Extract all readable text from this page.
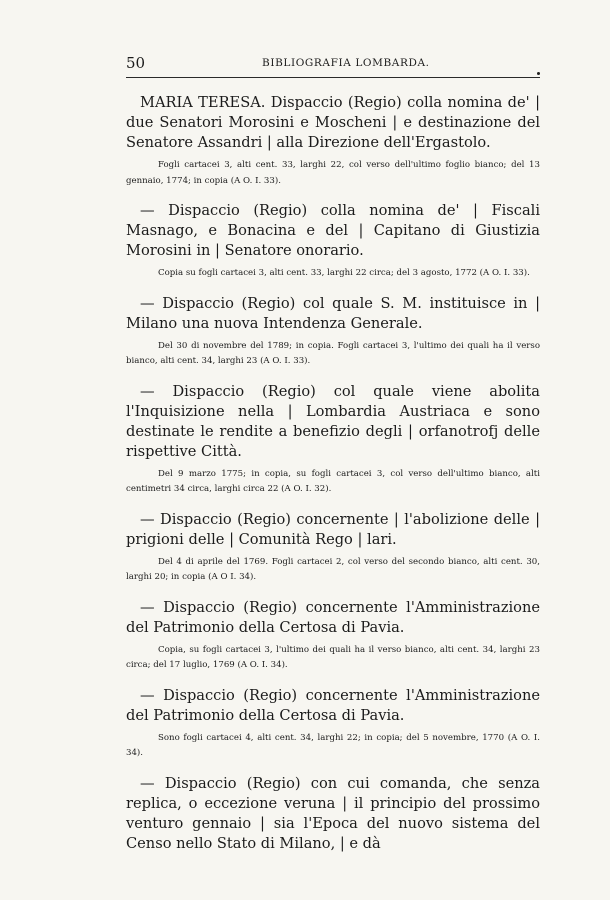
50	BIBLIOGRAFIA LOMBARDA.

MARIA TERESA. Dispaccio (Regio) colla nomina de' | due Senatori Morosini e Moscheni | e destinazione del Senatore Assandri | alla Direzione dell'Ergastolo.

Fogli cartacei 3, alti cent. 33, larghi 22, col verso dell'ultimo foglio bianco; del 13 gennaio, 1774; in copia (A O. I. 33).

— Dispaccio (Regio) colla nomina de' | Fiscali Masnago, e Bonacina e del | Capitano di Giustizia Morosini in | Senatore onorario.

Copia su fogli cartacei 3, alti cent. 33, larghi 22 circa; del 3 agosto, 1772 (A O. I. 33).

— Dispaccio (Regio) col quale S. M. instituisce in | Milano una nuova Intendenza Generale.

Del 30 di novembre del 1789; in copia. Fogli cartacei 3, l'ultimo dei quali ha il verso bianco, alti cent. 34, larghi 23 (A O. I. 33).

— Dispaccio (Regio) col quale viene abolita l'Inquisizione nella | Lombardia Austriaca e sono destinate le rendite a benefizio degli | orfanotrofj delle rispettive Città.

Del 9 marzo 1775; in copia, su fogli cartacei 3, col verso dell'ultimo bianco, alti centimetri 34 circa, larghi circa 22 (A O. I. 32).

— Dispaccio (Regio) concernente | l'abolizione delle | prigioni delle | Comunità Rego | lari.

Del 4 di aprile del 1769. Fogli cartacei 2, col verso del secondo bianco, alti cent. 30, larghi 20; in copia (A O I. 34).

— Dispaccio (Regio) concernente l'Amministrazione del Patrimonio della Certosa di Pavia.

Copia, su fogli cartacei 3, l'ultimo dei quali ha il verso bianco, alti cent. 34, larghi 23 circa; del 17 luglio, 1769 (A O. I. 34).

— Dispaccio (Regio) concernente l'Amministrazione del Patrimonio della Certosa di Pavia.

Sono fogli cartacei 4, alti cent. 34, larghi 22; in copia; del 5 novembre, 1770 (A O. I. 34).

— Dispaccio (Regio) con cui comanda, che senza replica, o eccezione veruna | il principio del prossimo venturo gennaio | sia l'Epoca del nuovo sistema del Censo nello Stato di Milano, | e dà
